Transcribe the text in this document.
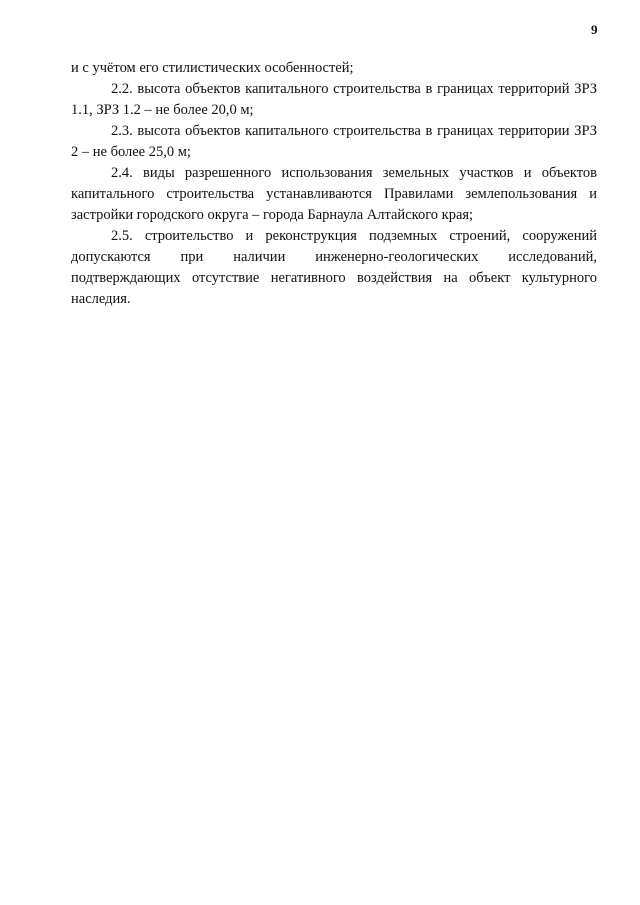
9

и с учётом его стилистических особенностей;

2.2. высота объектов капитального строительства в границах территорий ЗРЗ 1.1, ЗРЗ 1.2 – не более 20,0 м;

2.3. высота объектов капитального строительства в границах территории ЗРЗ 2 – не более 25,0 м;

2.4. виды разрешенного использования земельных участков и объектов капитального строительства устанавливаются Правилами землепользования и застройки городского округа – города Барнаула Алтайского края;

2.5. строительство и реконструкция подземных строений, сооружений допускаются при наличии инженерно-геологических исследований, подтверждающих отсутствие негативного воздействия на объект культурного наследия.
